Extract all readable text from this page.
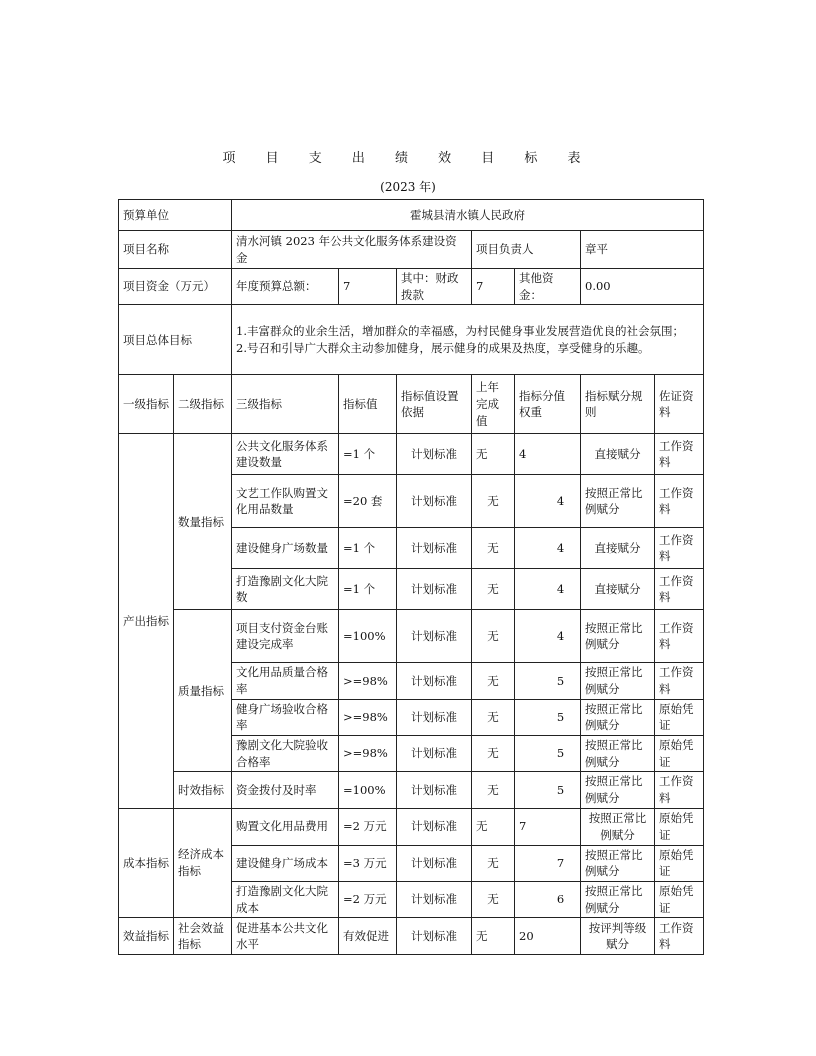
项 目 支 出 绩 效 目 标 表
(2023 年)
预算单位		霍城县清水镇人民政府						
项目名称		清水河镇 2023 年公共文化服务体系建设资金			项目负责人		章平	
项目资金（万元）		年度预算总额：	7	其中：财政拨款	7	其他资金：	0.00	
项目总体目标		1.丰富群众的业余生活，增加群众的幸福感，为村民健身事业发展营造优良的社会氛围；
2.号召和引导广大群众主动参加健身，展示健身的成果及热度，享受健身的乐趣。						

一级指标	二级指标	三级指标	指标值	指标值设置依据	上年完成值	指标分值权重	指标赋分规则	佐证资料
产出指标	数量指标	公共文化服务体系建设数量	=1 个	计划标准	无	4	直接赋分	工作资料
		文艺工作队购置文化用品数量	=20 套	计划标准	无	4	按照正常比例赋分	工作资料
		建设健身广场数量	=1 个	计划标准	无	4	直接赋分	工作资料
		打造豫剧文化大院数	=1 个	计划标准	无	4	直接赋分	工作资料
	质量指标	项目支付资金台账建设完成率	=100%	计划标准	无	4	按照正常比例赋分	工作资料
		文化用品质量合格率	>=98%	计划标准	无	5	按照正常比例赋分	工作资料
		健身广场验收合格率	>=98%	计划标准	无	5	按照正常比例赋分	原始凭证
		豫剧文化大院验收合格率	>=98%	计划标准	无	5	按照正常比例赋分	原始凭证
	时效指标	资金拨付及时率	=100%	计划标准	无	5	按照正常比例赋分	工作资料
成本指标	经济成本指标	购置文化用品费用	=2 万元	计划标准	无	7	按照正常比例赋分	原始凭证
		建设健身广场成本	=3 万元	计划标准	无	7	按照正常比例赋分	原始凭证
		打造豫剧文化大院成本	=2 万元	计划标准	无	6	按照正常比例赋分	原始凭证
效益指标	社会效益指标	促进基本公共文化水平	有效促进	计划标准	无	20	按评判等级赋分	工作资料
